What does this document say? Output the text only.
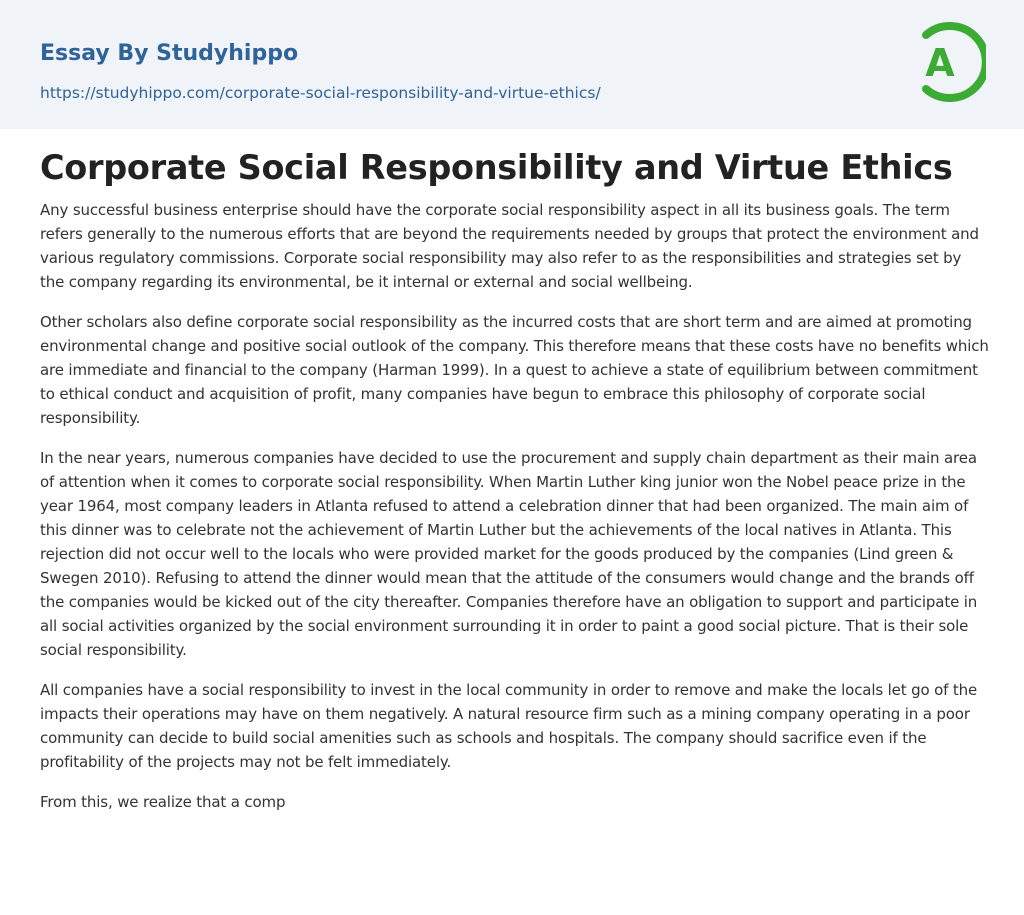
Essay By Studyhippo
https://studyhippo.com/corporate-social-responsibility-and-virtue-ethics/
A
Corporate Social Responsibility and Virtue Ethics

Any successful business enterprise should have the corporate social responsibility aspect in all its business goals. The term refers generally to the numerous efforts that are beyond the requirements needed by groups that protect the environment and various regulatory commissions. Corporate social responsibility may also refer to as the responsibilities and strategies set by the company regarding its environmental, be it internal or external and social wellbeing.

Other scholars also define corporate social responsibility as the incurred costs that are short term and are aimed at promoting environmental change and positive social outlook of the company. This therefore means that these costs have no benefits which are immediate and financial to the company (Harman 1999). In a quest to achieve a state of equilibrium between commitment to ethical conduct and acquisition of profit, many companies have begun to embrace this philosophy of corporate social responsibility.

In the near years, numerous companies have decided to use the procurement and supply chain department as their main area of attention when it comes to corporate social responsibility. When Martin Luther king junior won the Nobel peace prize in the year 1964, most company leaders in Atlanta refused to attend a celebration dinner that had been organized. The main aim of this dinner was to celebrate not the achievement of Martin Luther but the achievements of the local natives in Atlanta. This rejection did not occur well to the locals who were provided market for the goods produced by the companies (Lind green & Swegen 2010). Refusing to attend the dinner would mean that the attitude of the consumers would change and the brands off the companies would be kicked out of the city thereafter. Companies therefore have an obligation to support and participate in all social activities organized by the social environment surrounding it in order to paint a good social picture. That is their sole social responsibility.

All companies have a social responsibility to invest in the local community in order to remove and make the locals let go of the impacts their operations may have on them negatively. A natural resource firm such as a mining company operating in a poor community can decide to build social amenities such as schools and hospitals. The company should sacrifice even if the profitability of the projects may not be felt immediately.

From this, we realize that a comp
